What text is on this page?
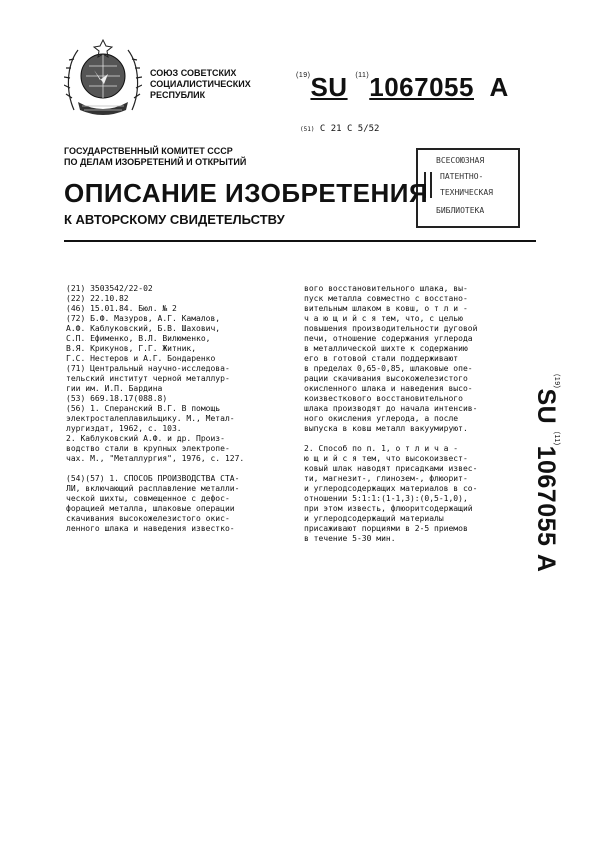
СОЮЗ СОВЕТСКИХ
СОЦИАЛИСТИЧЕСКИХ
РЕСПУБЛИК
$^{(19)}$SU $^{(11)}$1067055 A
(51) C 21 C 5/52
ГОСУДАРСТВЕННЫЙ КОМИТЕТ СССР
ПО ДЕЛАМ ИЗОБРЕТЕНИЙ И ОТКРЫТИЙ	ВСЕСОЮЗНАЯ
ПАТЕНТНО-
ТЕХНИЧЕСКАЯ
БИБЛИОТЕКА
ОПИСАНИЕ ИЗОБРЕТЕНИЯ
К АВТОРСКОМУ СВИДЕТЕЛЬСТВУ
(21) 3503542/22-02
(22) 22.10.82
(46) 15.01.84. Бюл. № 2
(72) Б.Ф. Мазуров, А.Г. Камалов,
А.Ф. Каблуковский, Б.В. Шахович,
С.П. Ефименко, В.Л. Вилюменко,
В.Я. Крикунов, Г.Г. Житник,
Г.С. Нестеров и А.Г. Бондаренко
(71) Центральный научно-исследова-
тельский институт черной металлур-
гии им. И.П. Бардина
(53) 669.18.17(088.8)
(56) 1. Сперанский В.Г. В помощь
электросталеплавильщику. М., Метал-
лургиздат, 1962, с. 103.
2. Каблуковский А.Ф. и др. Произ-
водство стали в крупных электропе-
чах. М., "Металлургия", 1976, с. 127.
(54)(57) 1. СПОСОБ ПРОИЗВОДСТВА СТА-
ЛИ, включающий расплавление металли-
ческой шихты, совмещенное с дефос-
форацией металла, шлаковые операции
скачивания высокожелезистого окис-
ленного шлака и наведения известко-
вого восстановительного шлака, вы-
пуск металла совместно с восстано-
вительным шлаком в ковш, о т л и -
ч а ю щ и й с я тем, что, с целью
повышения производительности дуговой
печи, отношение содержания углерода
в металлической шихте к содержанию
его в готовой стали поддерживают
в пределах 0,65-0,85, шлаковые опе-
рации скачивания высокожелезистого
окисленного шлака и наведения высо-
коизвесткового восстановительного
шлака производят до начала интенсив-
ного окисления углерода, а после
выпуска в ковш металл вакуумируют.
2. Способ по п. 1, о т л и ч а -
ю щ и й с я тем, что высокоизвест-
ковый шлак наводят присадками извес-
ти, магнезит-, глинозем-, флюорит-
и углеродсодержащих материалов в со-
отношении 5:1:1:(1-1,3):(0,5-1,0),
при этом известь, флюоритсодержащий
и углеродсодержащий материалы
присаживают порциями в 2-5 приемов
в течение 5-30 мин.
$^{(19)}$SU $^{(11)}$1067055 A
